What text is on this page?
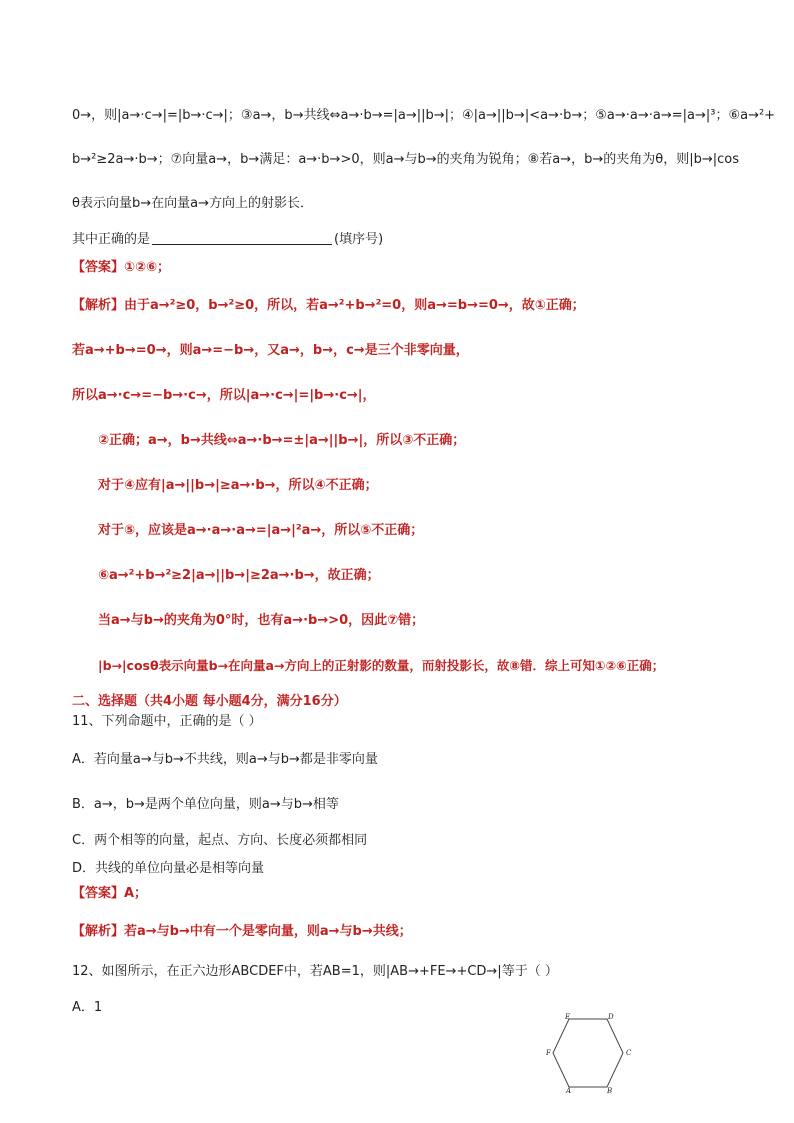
0→，则|a→·c→|=|b→·c→|；③a→，b→共线⇔a→·b→=|a→||b→|；④|a→||b→|<a→·b→；⑤a→·a→·a→=|a→|³；⑥a→²+
b→²≥2a→·b→；⑦向量a→，b→满足：a→·b→>0，则a→与b→的夹角为锐角；⑧若a→，b→的夹角为θ，则|b→|cos
θ表示向量b→在向量a→方向上的射影长．
其中正确的是	(填序号)
【答案】①②⑥；
【解析】由于a→²≥0，b→²≥0，所以，若a→²+b→²=0，则a→=b→=0→，故①正确；
若a→+b→=0→，则a→=−b→，又a→，b→，c→是三个非零向量，
所以a→·c→=−b→·c→，所以|a→·c→|=|b→·c→|，
②正确；a→，b→共线⇔a→·b→=±|a→||b→|，所以③不正确；
对于④应有|a→||b→|≥a→·b→，所以④不正确；
对于⑤，应该是a→·a→·a→=|a→|²a→，所以⑤不正确；
⑥a→²+b→²≥2|a→||b→|≥2a→·b→，故正确；
当a→与b→的夹角为0°时，也有a→·b→>0，因此⑦错；
|b→|cosθ表示向量b→在向量a→方向上的正射影的数量，而射投影长，故⑧错．综上可知①②⑥正确；
二、选择题（共4小题 每小题4分，满分16分）
11、下列命题中，正确的是（ ）
A．若向量a→与b→不共线，则a→与b→都是非零向量
B．a→，b→是两个单位向量，则a→与b→相等
C．两个相等的向量，起点、方向、长度必须都相同
D．共线的单位向量必是相等向量
【答案】A；
【解析】若a→与b→中有一个是零向量，则a→与b→共线；
12、如图所示，在正六边形ABCDEF中，若AB=1，则|AB→+FE→+CD→|等于（ ）
A．1
A	B
C
D
E
F
